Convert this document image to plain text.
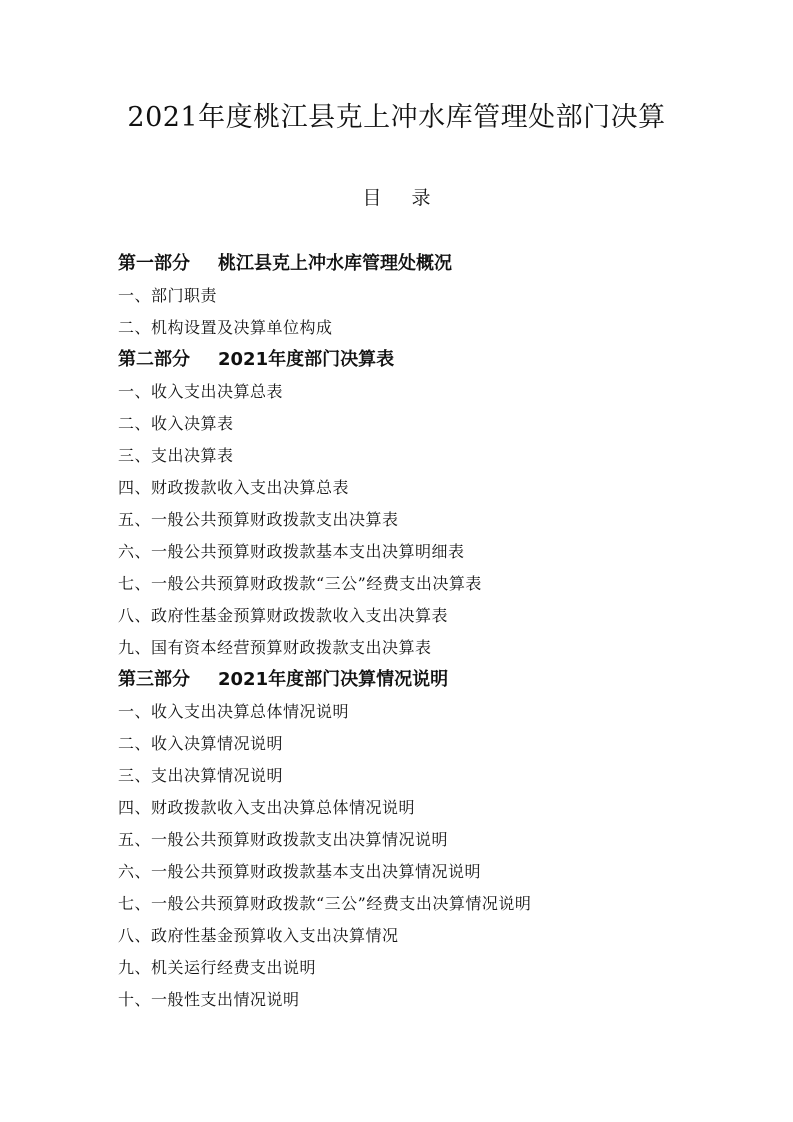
2021年度桃江县克上冲水库管理处部门决算
目 录
第一部分 桃江县克上冲水库管理处概况
一、部门职责
二、机构设置及决算单位构成
第二部分 2021年度部门决算表
一、收入支出决算总表
二、收入决算表
三、支出决算表
四、财政拨款收入支出决算总表
五、一般公共预算财政拨款支出决算表
六、一般公共预算财政拨款基本支出决算明细表
七、一般公共预算财政拨款“三公”经费支出决算表
八、政府性基金预算财政拨款收入支出决算表
九、国有资本经营预算财政拨款支出决算表
第三部分 2021年度部门决算情况说明
一、收入支出决算总体情况说明
二、收入决算情况说明
三、支出决算情况说明
四、财政拨款收入支出决算总体情况说明
五、一般公共预算财政拨款支出决算情况说明
六、一般公共预算财政拨款基本支出决算情况说明
七、一般公共预算财政拨款“三公”经费支出决算情况说明
八、政府性基金预算收入支出决算情况
九、机关运行经费支出说明
十、一般性支出情况说明
